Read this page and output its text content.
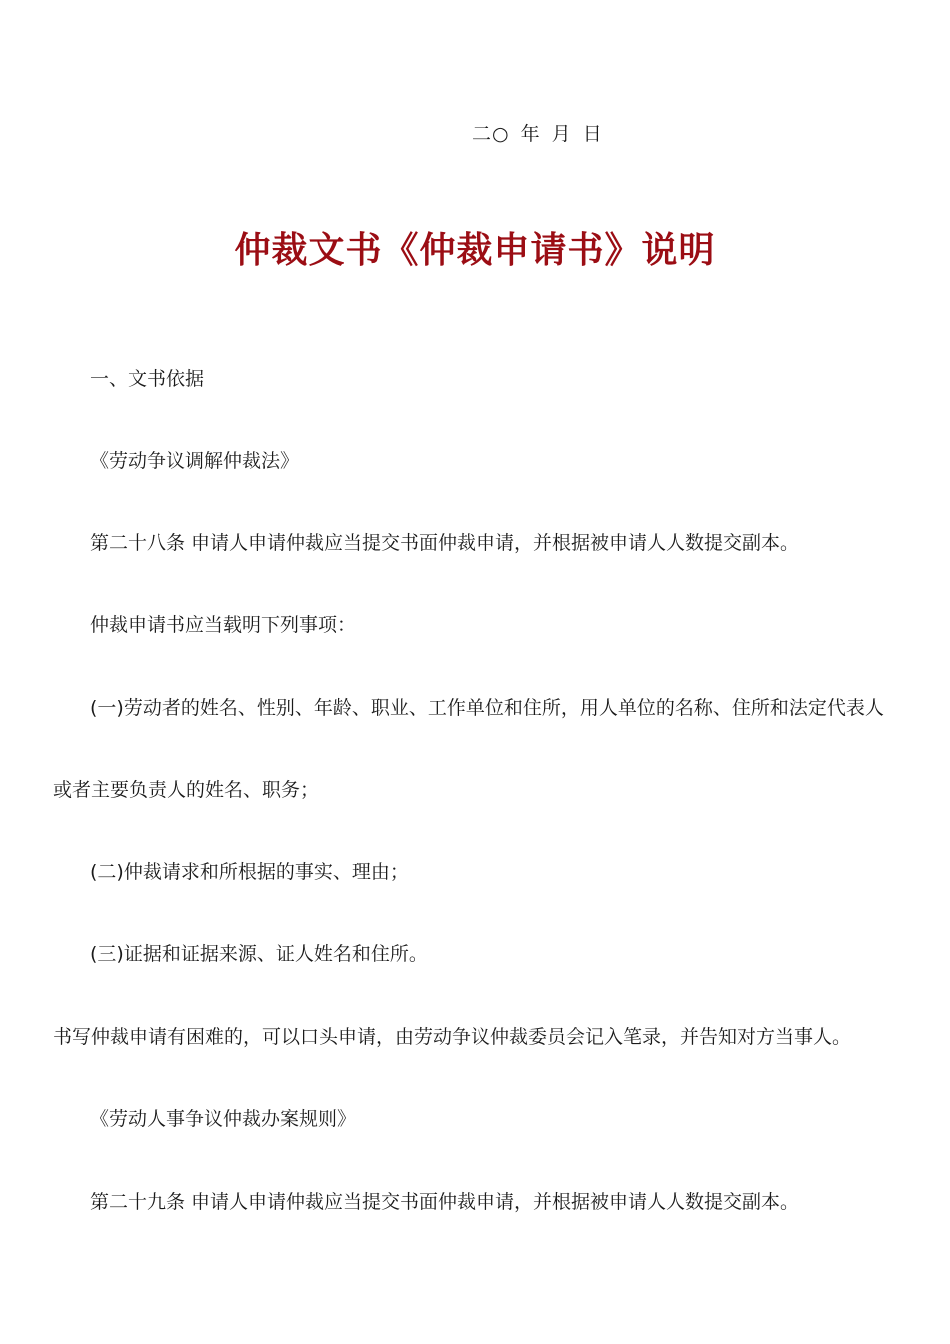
二○ 年 月 日
仲裁文书《仲裁申请书》说明
一、文书依据
《劳动争议调解仲裁法》
第二十八条 申请人申请仲裁应当提交书面仲裁申请，并根据被申请人人数提交副本。
仲裁申请书应当载明下列事项：
(一)劳动者的姓名、性别、年龄、职业、工作单位和住所，用人单位的名称、住所和法定代表人
或者主要负责人的姓名、职务；
(二)仲裁请求和所根据的事实、理由；
(三)证据和证据来源、证人姓名和住所。
书写仲裁申请有困难的，可以口头申请，由劳动争议仲裁委员会记入笔录，并告知对方当事人。
《劳动人事争议仲裁办案规则》
第二十九条 申请人申请仲裁应当提交书面仲裁申请，并根据被申请人人数提交副本。
